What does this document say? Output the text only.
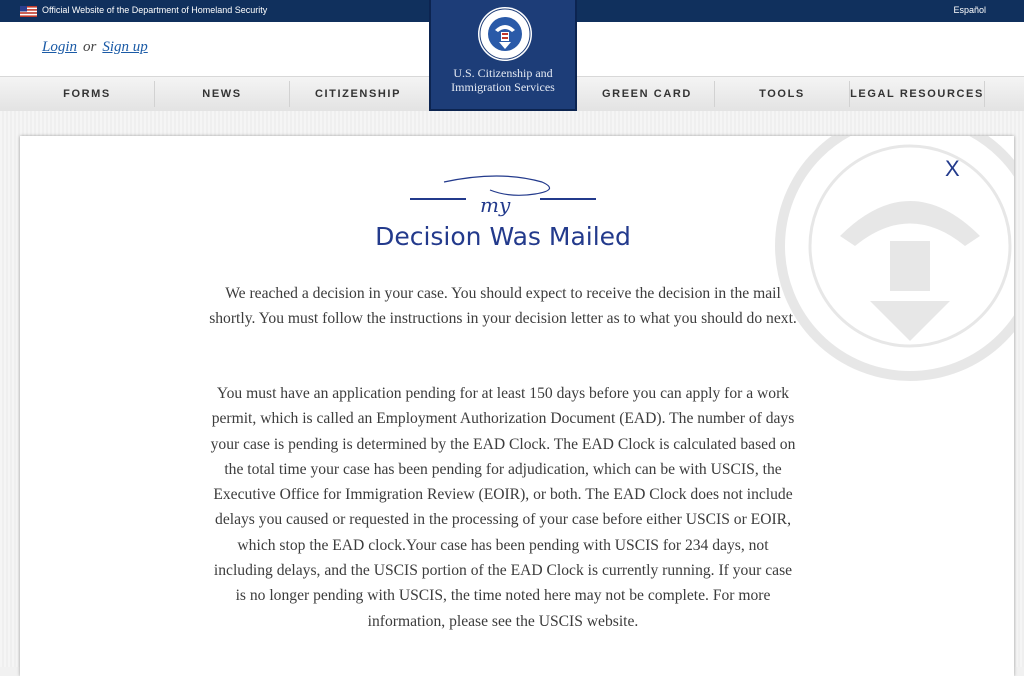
Official Website of the Department of Homeland Security	Español
Login or Sign up
FORMS	NEWS	CITIZENSHIP	GREEN CARD	TOOLS	LEGAL RESOURCES
U.S. Citizenship and
Immigration Services
X
my
Decision Was Mailed
We reached a decision in your case. You should expect to receive the decision in the mail shortly. You must follow the instructions in your decision letter as to what you should do next.
You must have an application pending for at least 150 days before you can apply for a work permit, which is called an Employment Authorization Document (EAD). The number of days your case is pending is determined by the EAD Clock. The EAD Clock is calculated based on the total time your case has been pending for adjudication, which can be with USCIS, the Executive Office for Immigration Review (EOIR), or both. The EAD Clock does not include delays you caused or requested in the processing of your case before either USCIS or EOIR, which stop the EAD clock.Your case has been pending with USCIS for 234 days, not including delays, and the USCIS portion of the EAD Clock is currently running. If your case is no longer pending with USCIS, the time noted here may not be complete. For more information, please see the USCIS website.
